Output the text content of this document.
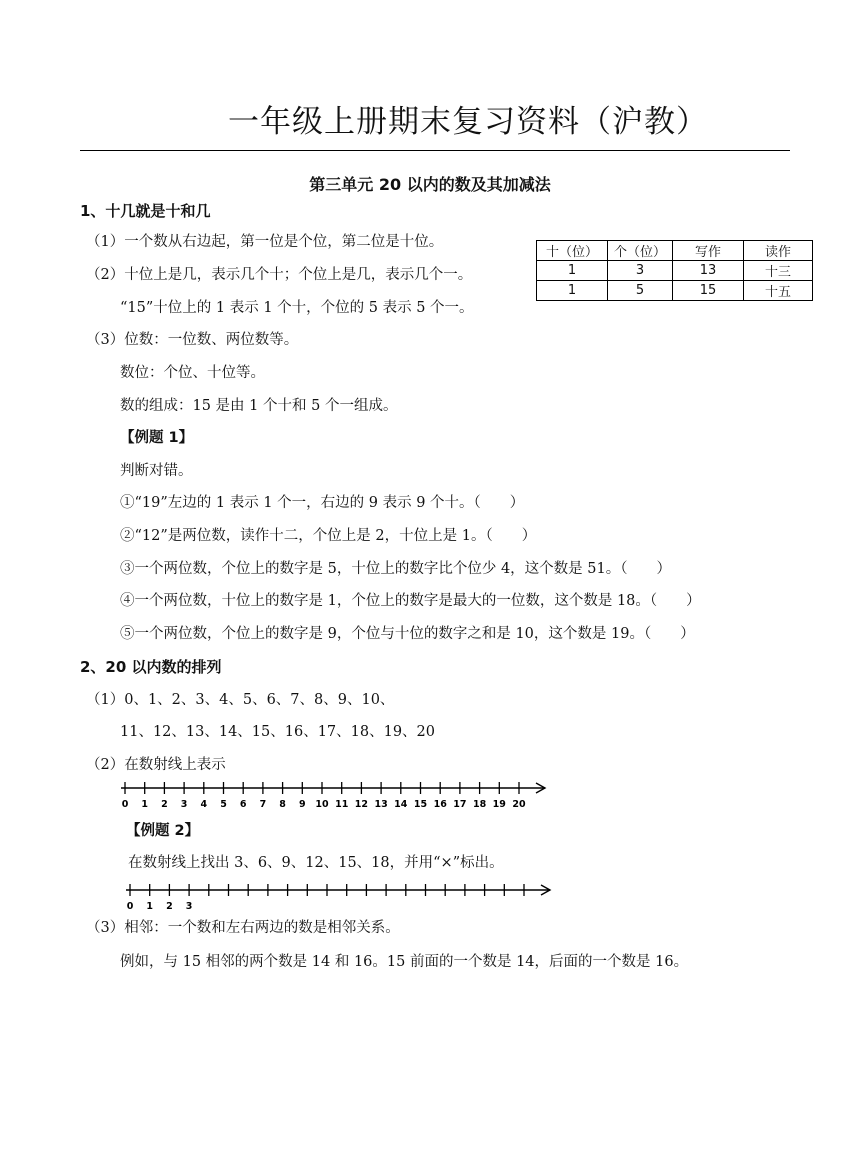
一年级上册期末复习资料（沪教）
第三单元 20 以内的数及其加减法
1、十几就是十和几
（1）一个数从右边起，第一位是个位，第二位是十位。
（2）十位上是几，表示几个十；个位上是几，表示几个一。
“15”十位上的 1 表示 1 个十，个位的 5 表示 5 个一。
（3）位数：一位数、两位数等。
数位：个位、十位等。
数的组成：15 是由 1 个十和 5 个一组成。
【例题 1】
判断对错。
①“19”左边的 1 表示 1 个一，右边的 9 表示 9 个十。（　　）
②“12”是两位数，读作十二，个位上是 2，十位上是 1。（　　）
③一个两位数，个位上的数字是 5，十位上的数字比个位少 4，这个数是 51。（　　）
④一个两位数，十位上的数字是 1，个位上的数字是最大的一位数，这个数是 18。（　　）
⑤一个两位数，个位上的数字是 9，个位与十位的数字之和是 10，这个数是 19。（　　）
十（位）	个（位）	写作	读作
1	3	13	十三
1	5	15	十五
2、20 以内数的排列
（1）0、1、2、3、4、5、6、7、8、9、10、
11、12、13、14、15、16、17、18、19、20
（2）在数射线上表示
0 1 2 3 4 5 6 7 8 9 10 11 12 13 14 15 16 17 18 19 20
【例题 2】
在数射线上找出 3、6、9、12、15、18，并用“×”标出。
0 1 2 3
（3）相邻：一个数和左右两边的数是相邻关系。
例如，与 15 相邻的两个数是 14 和 16。15 前面的一个数是 14，后面的一个数是 16。
